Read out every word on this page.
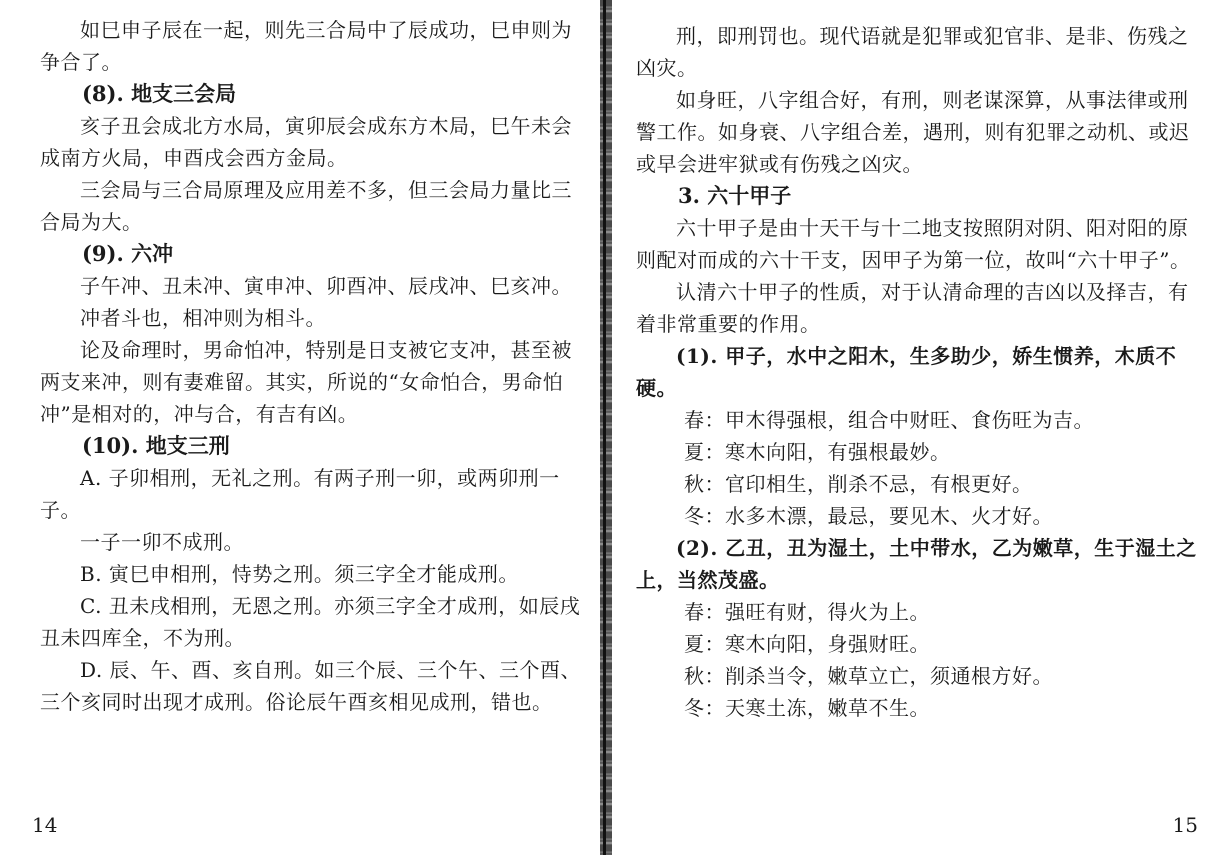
如巳申子辰在一起，则先三合局中了辰成功，巳申则为争合了。

(8). 地支三会局

亥子丑会成北方水局，寅卯辰会成东方木局，巳午未会成南方火局，申酉戌会西方金局。

三会局与三合局原理及应用差不多，但三会局力量比三合局为大。

(9). 六冲

子午冲、丑未冲、寅申冲、卯酉冲、辰戌冲、巳亥冲。

冲者斗也，相冲则为相斗。

论及命理时，男命怕冲，特别是日支被它支冲，甚至被两支来冲，则有妻难留。其实，所说的“女命怕合，男命怕冲”是相对的，冲与合，有吉有凶。

(10). 地支三刑

A. 子卯相刑，无礼之刑。有两子刑一卯，或两卯刑一子。

一子一卯不成刑。

B. 寅巳申相刑，恃势之刑。须三字全才能成刑。

C. 丑未戌相刑，无恩之刑。亦须三字全才成刑，如辰戌丑未四库全，不为刑。

D. 辰、午、酉、亥自刑。如三个辰、三个午、三个酉、三个亥同时出现才成刑。俗论辰午酉亥相见成刑，错也。

14

刑，即刑罚也。现代语就是犯罪或犯官非、是非、伤残之凶灾。

如身旺，八字组合好，有刑，则老谋深算，从事法律或刑警工作。如身衰、八字组合差，遇刑，则有犯罪之动机、或迟或早会进牢狱或有伤残之凶灾。

3. 六十甲子

六十甲子是由十天干与十二地支按照阴对阴、阳对阳的原则配对而成的六十干支，因甲子为第一位，故叫“六十甲子”。

认清六十甲子的性质，对于认清命理的吉凶以及择吉，有着非常重要的作用。

(1). 甲子，水中之阳木，生多助少，娇生惯养，木质不硬。

春：甲木得强根，组合中财旺、食伤旺为吉。

夏：寒木向阳，有强根最妙。

秋：官印相生，削杀不忌，有根更好。

冬：水多木漂，最忌，要见木、火才好。

(2). 乙丑，丑为湿土，土中带水，乙为嫩草，生于湿土之上，当然茂盛。

春：强旺有财，得火为上。

夏：寒木向阳，身强财旺。

秋：削杀当令，嫩草立亡，须通根方好。

冬：天寒土冻，嫩草不生。

15
